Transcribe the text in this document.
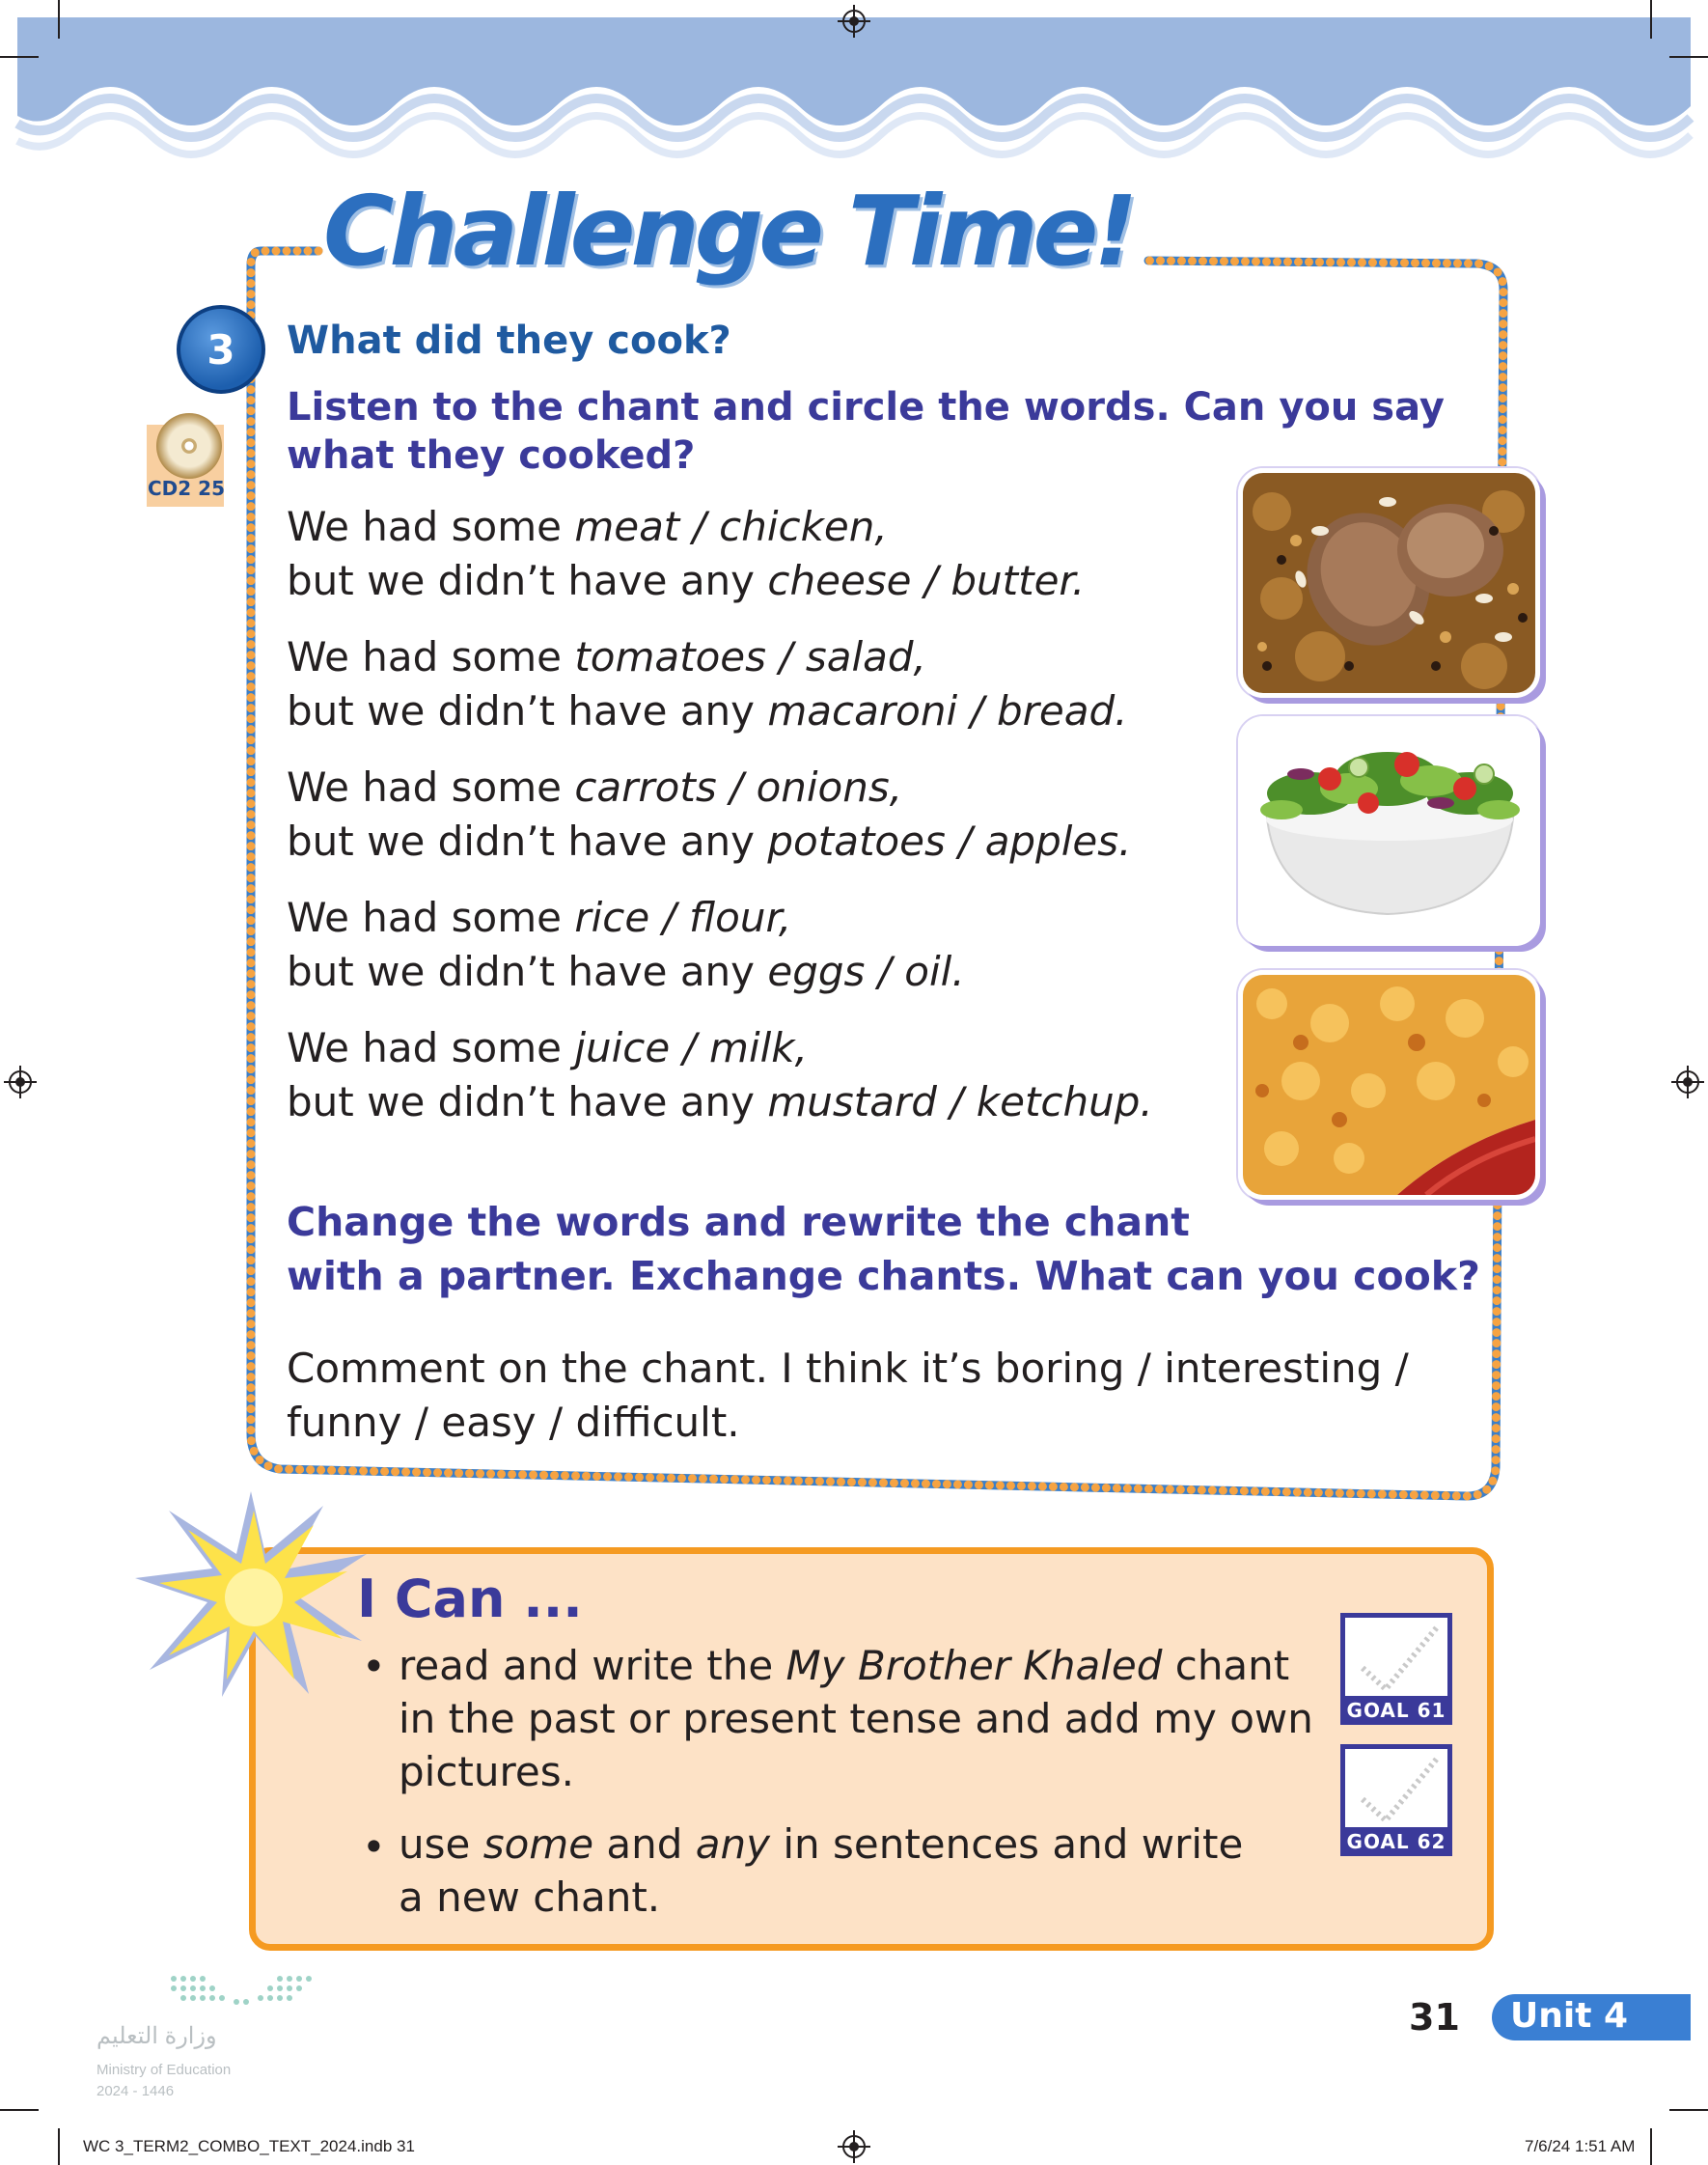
Challenge Time!
3
CD2 25
What did they cook?
Listen to the chant and circle the words. Can you say
what they cooked?
We had some meat / chicken,
but we didn’t have any cheese / butter.
We had some tomatoes / salad,
but we didn’t have any macaroni / bread.
We had some carrots / onions,
but we didn’t have any potatoes / apples.
We had some rice / flour,
but we didn’t have any eggs / oil.
We had some juice / milk,
but we didn’t have any mustard / ketchup.
Change the words and rewrite the chant
with a partner. Exchange chants. What can you cook?
Comment on the chant. I think it’s boring / interesting /
funny / easy / difficult.
I Can ...
• read and write the My Brother Khaled chant
in the past or present tense and add my own
pictures.
• use some and any in sentences and write
a new chant.
GOAL 61
GOAL 62
31 Unit 4
وزارة التعليم
Ministry of Education
2024 - 1446
WC 3_TERM2_COMBO_TEXT_2024.indb 31	7/6/24 1:51 AM
